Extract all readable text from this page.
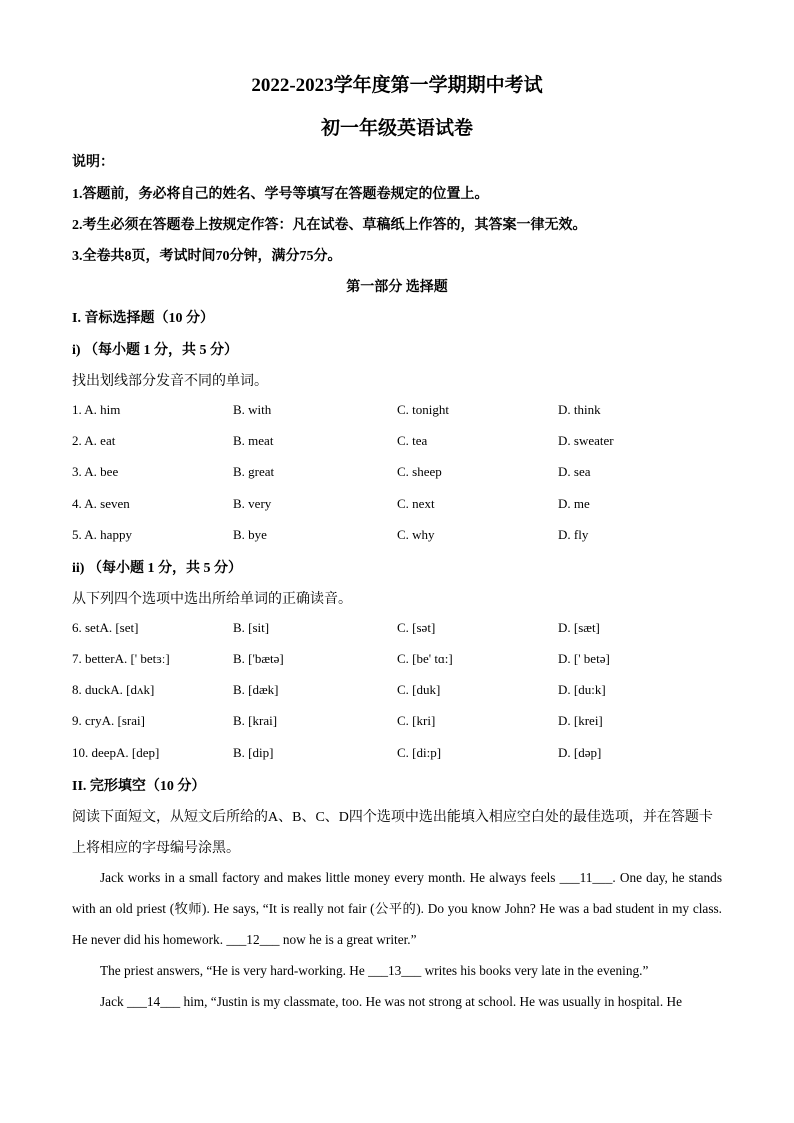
2022-2023学年度第一学期期中考试
初一年级英语试卷
说明：
1.答题前，务必将自己的姓名、学号等填写在答题卷规定的位置上。
2.考生必须在答题卷上按规定作答：凡在试卷、草稿纸上作答的，其答案一律无效。
3.全卷共8页，考试时间70分钟，满分75分。
第一部分 选择题
I. 音标选择题（10 分）
i) （每小题 1 分，共 5 分）
找出划线部分发音不同的单词。
1. A. him	B. with	C. tonight	D. think
2. A. eat	B. meat	C. tea	D. sweater
3. A. bee	B. great	C. sheep	D. sea
4. A. seven	B. very	C. next	D. me
5. A. happy	B. bye	C. why	D. fly
ii) （每小题 1 分，共 5 分）
从下列四个选项中选出所给单词的正确读音。
6. setA. [set]	B. [sit]	C. [sət]	D. [sæt]
7. betterA. [' betɜː]	B. ['bætə]	C. [be' tɑ:]	D. [' betə]
8. duckA. [dʌk]	B. [dæk]	C. [duk]	D. [du:k]
9. cryA. [srai]	B. [krai]	C. [kri]	D. [krei]
10. deepA. [dep]	B. [dip]	C. [di:p]	D. [dəp]
II. 完形填空（10 分）
阅读下面短文，从短文后所给的A、B、C、D四个选项中选出能填入相应空白处的最佳选项，并在答题卡
上将相应的字母编号涂黑。
Jack works in a small factory and makes little money every month. He always feels ___11___. One day, he stands with an old priest (牧师). He says, “It is really not fair (公平的). Do you know John? He was a bad student in my class. He never did his homework. ___12___ now he is a great writer.”
The priest answers, “He is very hard-working. He ___13___ writes his books very late in the evening.”
Jack ___14___ him, “Justin is my classmate, too. He was not strong at school. He was usually in hospital. He
